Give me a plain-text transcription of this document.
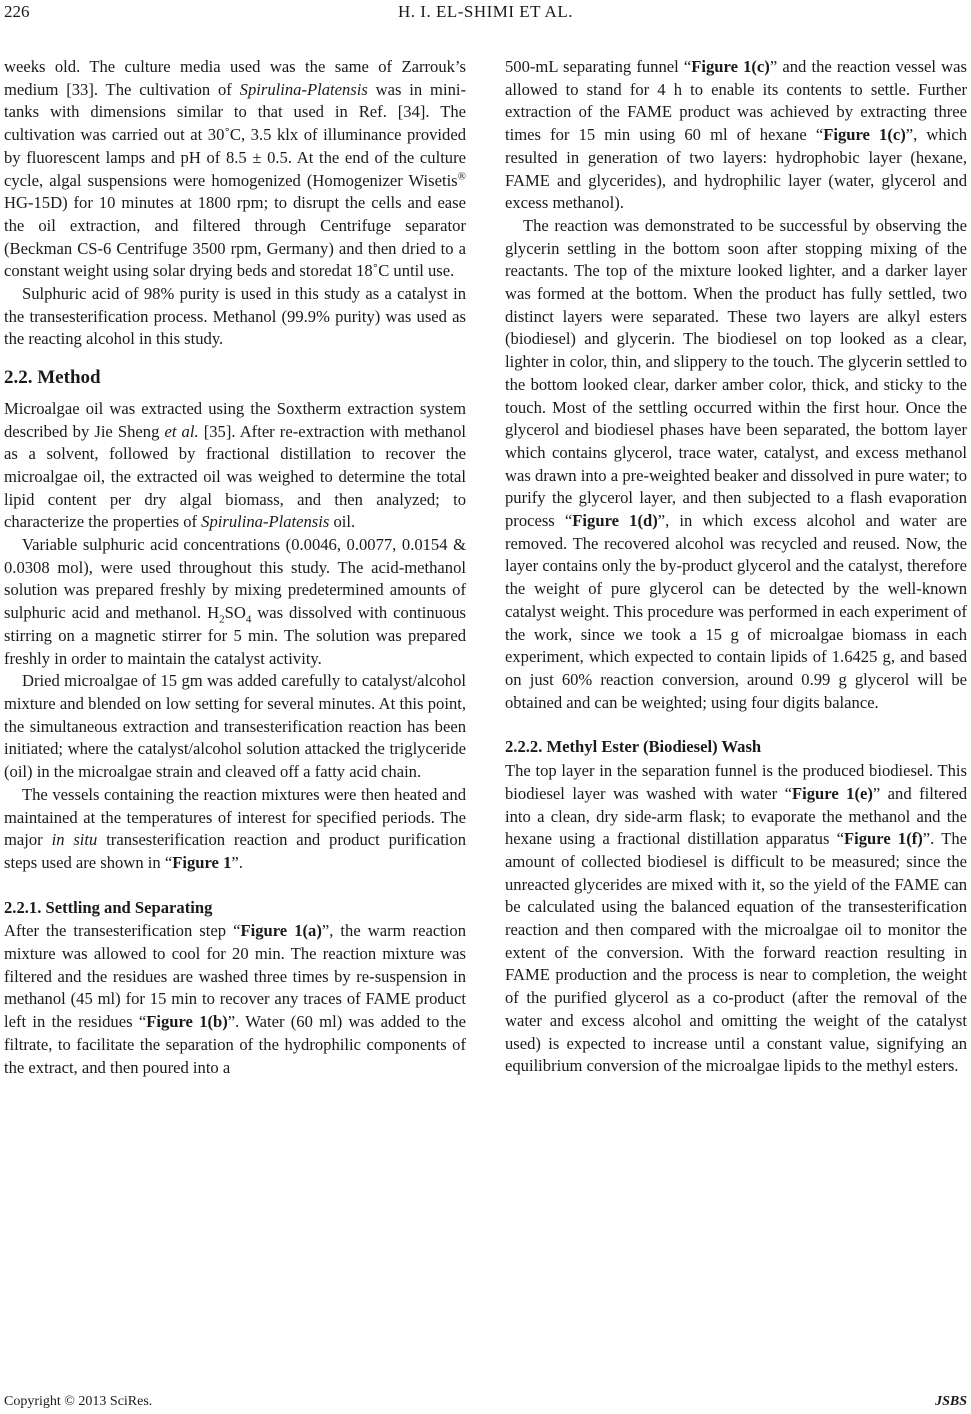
226	H. I. EL-SHIMI ET AL.

weeks old. The culture media used was the same of Zarrouk’s medium [33]. The cultivation of Spirulina-Platensis was in mini-tanks with dimensions similar to that used in Ref. [34]. The cultivation was carried out at 30˚C, 3.5 klx of illuminance provided by fluorescent lamps and pH of 8.5 ± 0.5. At the end of the culture cycle, algal suspensions were homogenized (Homogenizer Wisetis® HG-15D) for 10 minutes at 1800 rpm; to disrupt the cells and ease the oil extraction, and filtered through Centrifuge separator (Beckman CS-6 Centrifuge 3500 rpm, Germany) and then dried to a constant weight using solar drying beds and storedat 18˚C until use.

Sulphuric acid of 98% purity is used in this study as a catalyst in the transesterification process. Methanol (99.9% purity) was used as the reacting alcohol in this study.

2.2. Method

Microalgae oil was extracted using the Soxtherm extraction system described by Jie Sheng et al. [35]. After re-extraction with methanol as a solvent, followed by fractional distillation to recover the microalgae oil, the extracted oil was weighed to determine the total lipid content per dry algal biomass, and then analyzed; to characterize the properties of Spirulina-Platensis oil.

Variable sulphuric acid concentrations (0.0046, 0.0077, 0.0154 & 0.0308 mol), were used throughout this study. The acid-methanol solution was prepared freshly by mixing predetermined amounts of sulphuric acid and methanol. $H_2SO_4$ was dissolved with continuous stirring on a magnetic stirrer for 5 min. The solution was prepared freshly in order to maintain the catalyst activity.

Dried microalgae of 15 gm was added carefully to catalyst/alcohol mixture and blended on low setting for several minutes. At this point, the simultaneous extraction and transesterification reaction has been initiated; where the catalyst/alcohol solution attacked the triglyceride (oil) in the microalgae strain and cleaved off a fatty acid chain.

The vessels containing the reaction mixtures were then heated and maintained at the temperatures of interest for specified periods. The major in situ transesterification reaction and product purification steps used are shown in “Figure 1”.

2.2.1. Settling and Separating

After the transesterification step “Figure 1(a)”, the warm reaction mixture was allowed to cool for 20 min. The reaction mixture was filtered and the residues are washed three times by re-suspension in methanol (45 ml) for 15 min to recover any traces of FAME product left in the residues “Figure 1(b)”. Water (60 ml) was added to the filtrate, to facilitate the separation of the hydrophilic components of the extract, and then poured into a

500-mL separating funnel “Figure 1(c)” and the reaction vessel was allowed to stand for 4 h to enable its contents to settle. Further extraction of the FAME product was achieved by extracting three times for 15 min using 60 ml of hexane “Figure 1(c)”, which resulted in generation of two layers: hydrophobic layer (hexane, FAME and glycerides), and hydrophilic layer (water, glycerol and excess methanol).

The reaction was demonstrated to be successful by observing the glycerin settling in the bottom soon after stopping mixing of the reactants. The top of the mixture looked lighter, and a darker layer was formed at the bottom. When the product has fully settled, two distinct layers were separated. These two layers are alkyl esters (biodiesel) and glycerin. The biodiesel on top looked as a clear, lighter in color, thin, and slippery to the touch. The glycerin settled to the bottom looked clear, darker amber color, thick, and sticky to the touch. Most of the settling occurred within the first hour. Once the glycerol and biodiesel phases have been separated, the bottom layer which contains glycerol, trace water, catalyst, and excess methanol was drawn into a pre-weighted beaker and dissolved in pure water; to purify the glycerol layer, and then subjected to a flash evaporation process “Figure 1(d)”, in which excess alcohol and water are removed. The recovered alcohol was recycled and reused. Now, the layer contains only the by-product glycerol and the catalyst, therefore the weight of pure glycerol can be detected by the well-known catalyst weight. This procedure was performed in each experiment of the work, since we took a 15 g of microalgae biomass in each experiment, which expected to contain lipids of 1.6425 g, and based on just 60% reaction conversion, around 0.99 g glycerol will be obtained and can be weighted; using four digits balance.

2.2.2. Methyl Ester (Biodiesel) Wash

The top layer in the separation funnel is the produced biodiesel. This biodiesel layer was washed with water “Figure 1(e)” and filtered into a clean, dry side-arm flask; to evaporate the methanol and the hexane using a fractional distillation apparatus “Figure 1(f)”. The amount of collected biodiesel is difficult to be measured; since the unreacted glycerides are mixed with it, so the yield of the FAME can be calculated using the balanced equation of the transesterification reaction and then compared with the microalgae oil to monitor the extent of the conversion. With the forward reaction resulting in FAME production and the process is near to completion, the weight of the purified glycerol as a co-product (after the removal of the water and excess alcohol and omitting the weight of the catalyst used) is expected to increase until a constant value, signifying an equilibrium conversion of the microalgae lipids to the methyl esters.

Copyright © 2013 SciRes.	JSBS
